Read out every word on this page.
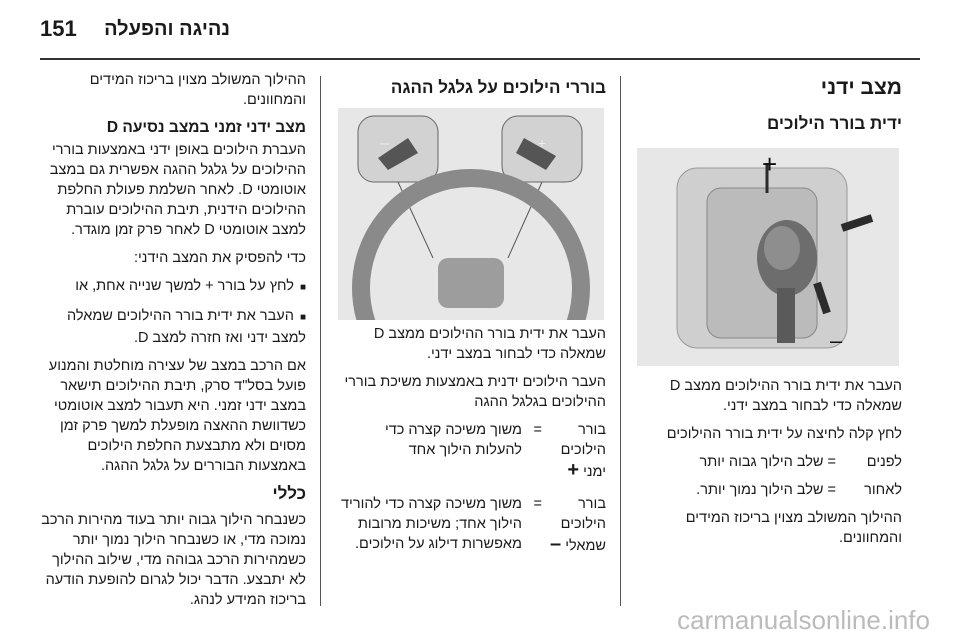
151 נהיגה והפעלה
מצב ידני
ידית בורר הילוכים

העבר את ידית בורר ההילוכים ממצב D שמאלה כדי לבחור במצב ידני.

לחץ קלה לחיצה על ידית בורר ההילוכים

לפנים
= שלב הילוך גבוה יותר
לאחור
= שלב הילוך נמוך יותר.

ההילוך המשולב מצוין בריכוז המידים והמחוונים.

+
–
בוררי הילוכים על גלגל ההגה

העבר את ידית בורר ההילוכים ממצב D שמאלה כדי לבחור במצב ידני.

העבר הילוכים ידנית באמצעות משיכת בוררי ההילוכים בגלגל ההגה

בורר הילוכים ימני +
=
משוך משיכה קצרה כדי להעלות הילוך אחד
בורר הילוכים שמאלי –
=
משוך משיכה קצרה כדי להוריד הילוך אחד; משיכות מרובות מאפשרות דילוג על הילוכים.
–	+

ההילוך המשולב מצוין בריכוז המידים והמחוונים.

מצב ידני זמני במצב נסיעה D

העברת הילוכים באופן ידני באמצעות בוררי ההילוכים על גלגל ההגה אפשרית גם במצב אוטומטי D. לאחר השלמת פעולת החלפת ההילוכים הידנית, תיבת ההילוכים עוברת למצב אוטומטי D לאחר פרק זמן מוגדר.

כדי להפסיק את המצב הידני:

■ לחץ על בורר + למשך שנייה אחת, או

■ העבר את ידית בורר ההילוכים שמאלה למצב ידני ואז חזרה למצב D.

אם הרכב במצב של עצירה מוחלטת והמנוע פועל בסל"ד סרק, תיבת ההילוכים תישאר במצב ידני זמני. היא תעבור למצב אוטומטי כשדוושת ההאצה מופעלת למשך פרק זמן מסוים ולא מתבצעת החלפת הילוכים באמצעות הבוררים על גלגל ההגה.

כללי

כשנבחר הילוך גבוה יותר בעוד מהירות הרכב נמוכה מדי, או כשנבחר הילוך נמוך יותר כשמהירות הרכב גבוהה מדי, שילוב ההילוך לא יתבצע. הדבר יכול לגרום להופעת הודעה בריכוז המידע לנהג.

carmanualsonline.info
